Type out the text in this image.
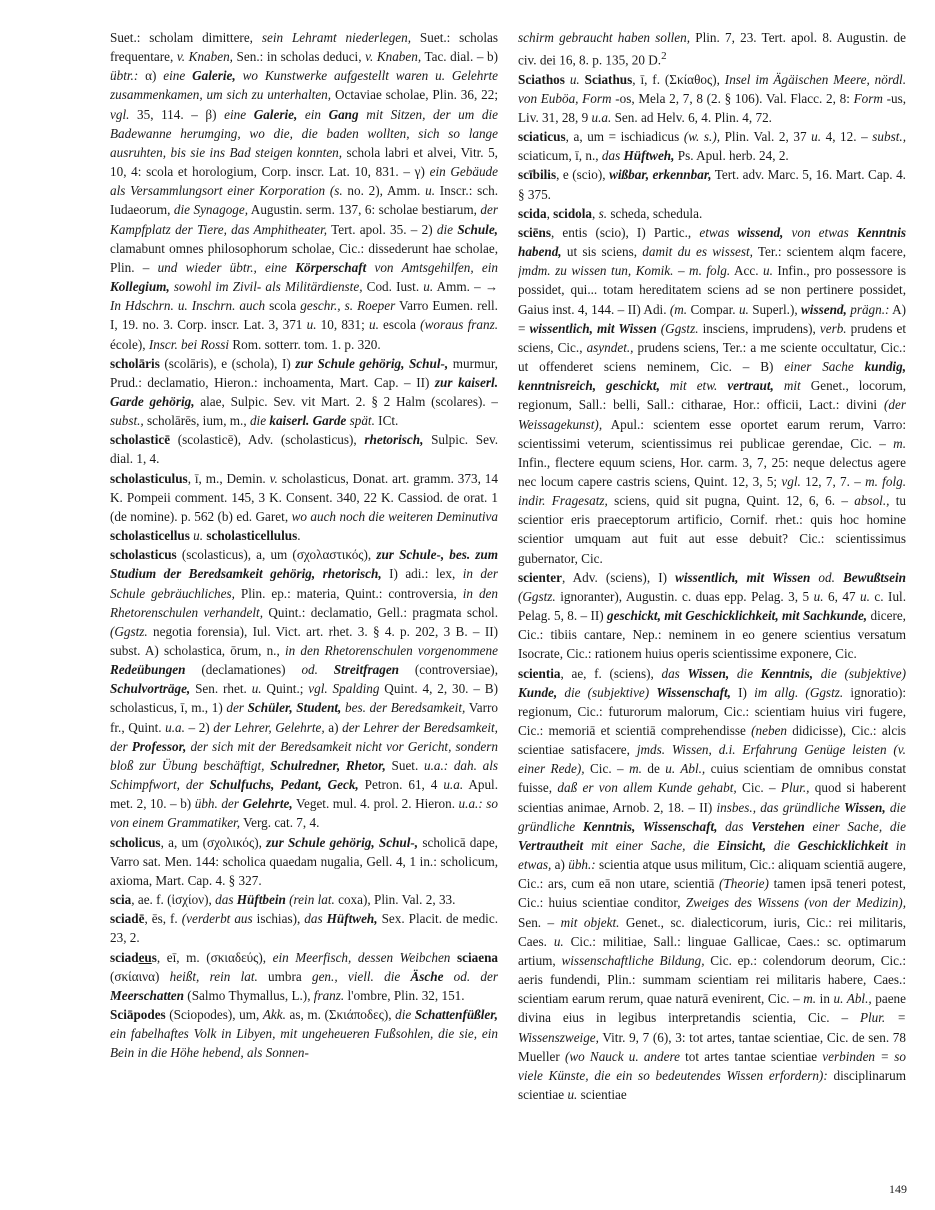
Suet.: scholam dimittere, sein Lehramt niederlegen, Suet.: scholas frequentare, v. Knaben, Sen.: in scholas deduci, v. Knaben, Tac. dial. – b) übtr.: α) eine Galerie, wo Kunstwerke aufgestellt waren u. Gelehrte zusammenkamen, um sich zu unterhalten, Octaviae scholae, Plin. 36, 22; vgl. 35, 114. – β) eine Galerie, ein Gang mit Sitzen, der um die Badewanne herumging, wo die, die baden wollten, sich so lange ausruhten, bis sie ins Bad steigen konnten, schola labri et alvei, Vitr. 5, 10, 4: scola et horologium, Corp. inscr. Lat. 10, 831. – γ) ein Gebäude als Versammlungsort einer Korporation (s. no. 2), Amm. u. Inscr.: sch. Iudaeorum, die Synagoge, Augustin. serm. 137, 6: scholae bestiarum, der Kampfplatz der Tiere, das Amphitheater, Tert. apol. 35. – 2) die Schule, clamabunt omnes philosophorum scholae, Cic.: dissederunt hae scholae, Plin. – und wieder übtr., eine Körperschaft von Amtsgehilfen, ein Kollegium, sowohl im Zivil- als Militärdienste, Cod. Iust. u. Amm. – → In Hdschrn. u. Inschrn. auch scola geschr., s. Roeper Varro Eumen. rell. I, 19. no. 3. Corp. inscr. Lat. 3, 371 u. 10, 831; u. escola (woraus franz. école), Inscr. bei Rossi Rom. sotterr. tom. 1. p. 320.

scholāris (scolāris), e (schola), I) zur Schule gehörig, Schul-, murmur, Prud.: declamatio, Hieron.: inchoamenta, Mart. Cap. – II) zur kaiserl. Garde gehörig, alae, Sulpic. Sev. vit Mart. 2. § 2 Halm (scolares). – subst., scholārēs, ium, m., die kaiserl. Garde spät. ICt.

scholasticē (scolasticē), Adv. (scholasticus), rhetorisch, Sulpic. Sev. dial. 1, 4.

scholasticulus, ī, m., Demin. v. scholasticus, Donat. art. gramm. 373, 14 K. Pompeii comment. 145, 3 K. Consent. 340, 22 K. Cassiod. de orat. 1 (de nomine). p. 562 (b) ed. Garet, wo auch noch die weiteren Deminutiva scholasticellus u. scholasticellulus.

scholasticus (scolasticus), a, um (σχολαστικός), zur Schule-, bes. zum Studium der Beredsamkeit gehörig, rhetorisch, I) adi.: lex, in der Schule gebräuchliches, Plin. ep.: materia, Quint.: controversia, in den Rhetorenschulen verhandelt, Quint.: declamatio, Gell.: pragmata schol. (Ggstz. negotia forensia), Iul. Vict. art. rhet. 3. § 4. p. 202, 3 B. – II) subst. A) scholastica, ōrum, n., in den Rhetorenschulen vorgenommene Redeübungen (declamationes) od. Streitfragen (controversiae), Schulvorträge, Sen. rhet. u. Quint.; vgl. Spalding Quint. 4, 2, 30. – B) scholasticus, ī, m., 1) der Schüler, Student, bes. der Beredsamkeit, Varro fr., Quint. u.a. – 2) der Lehrer, Gelehrte, a) der Lehrer der Beredsamkeit, der Professor, der sich mit der Beredsamkeit nicht vor Gericht, sondern bloß zur Übung beschäftigt, Schulredner, Rhetor, Suet. u.a.: dah. als Schimpfwort, der Schulfuchs, Pedant, Geck, Petron. 61, 4 u.a. Apul. met. 2, 10. – b) übh. der Gelehrte, Veget. mul. 4. prol. 2. Hieron. u.a.: so von einem Grammatiker, Verg. cat. 7, 4.

scholicus, a, um (σχολικός), zur Schule gehörig, Schul-, scholicā dape, Varro sat. Men. 144: scholica quaedam nugalia, Gell. 4, 1 in.: scholicum, axioma, Mart. Cap. 4. § 327.

scia, ae. f. (ἰσχίον), das Hüftbein (rein lat. coxa), Plin. Val. 2, 33.

sciadē, ēs, f. (verderbt aus ischias), das Hüftweh, Sex. Placit. de medic. 23, 2.

sciadeus, eī, m. (σκιαδεύς), ein Meerfisch, dessen Weibchen sciaena (σκίαινα) heißt, rein lat. umbra gen., viell. die Äsche od. der Meerschatten (Salmo Thymallus, L.), franz. l'ombre, Plin. 32, 151.

Sciāpodes (Sciopodes), um, Akk. as, m. (Σκιάποδες), die Schattenfüßler, ein fabelhaftes Volk in Libyen, mit ungeheueren Fußsohlen, die sie, ein Bein in die Höhe hebend, als Sonnen-

schirm gebraucht haben sollen, Plin. 7, 23. Tert. apol. 8. Augustin. de civ. dei 16, 8. p. 135, 20 D.$^2$

Sciathos u. Sciathus, ī, f. (Σκίαθος), Insel im Ägäischen Meere, nördl. von Euböa, Form -os, Mela 2, 7, 8 (2. § 106). Val. Flacc. 2, 8: Form -us, Liv. 31, 28, 9 u.a. Sen. ad Helv. 6, 4. Plin. 4, 72.

sciaticus, a, um = ischiadicus (w. s.), Plin. Val. 2, 37 u. 4, 12. – subst., sciaticum, ī, n., das Hüftweh, Ps. Apul. herb. 24, 2.

scībilis, e (scio), wißbar, erkennbar, Tert. adv. Marc. 5, 16. Mart. Cap. 4. § 375.

scida, scidola, s. scheda, schedula.

sciēns, entis (scio), I) Partic., etwas wissend, von etwas Kenntnis habend, ut sis sciens, damit du es wissest, Ter.: scientem alqm facere, jmdm. zu wissen tun, Komik. – m. folg. Acc. u. Infin., pro possessore is possidet, qui... totam hereditatem sciens ad se non pertinere possidet, Gaius inst. 4, 144. – II) Adi. (m. Compar. u. Superl.), wissend, prägn.: A) = wissentlich, mit Wissen (Ggstz. insciens, imprudens), verb. prudens et sciens, Cic., asyndet., prudens sciens, Ter.: a me sciente occultatur, Cic.: ut offenderet sciens neminem, Cic. – B) einer Sache kundig, kenntnisreich, geschickt, mit etw. vertraut, mit Genet., locorum, regionum, Sall.: belli, Sall.: citharae, Hor.: officii, Lact.: divini (der Weissagekunst), Apul.: scientem esse oportet earum rerum, Varro: scientissimi veterum, scientissimus rei publicae gerendae, Cic. – m. Infin., flectere equum sciens, Hor. carm. 3, 7, 25: neque delectus agere nec locum capere castris sciens, Quint. 12, 3, 5; vgl. 12, 7, 7. – m. folg. indir. Fragesatz, sciens, quid sit pugna, Quint. 12, 6, 6. – absol., tu scientior eris praeceptorum artificio, Cornif. rhet.: quis hoc homine scientior umquam aut fuit aut esse debuit? Cic.: scientissimus gubernator, Cic.

scienter, Adv. (sciens), I) wissentlich, mit Wissen od. Bewußtsein (Ggstz. ignoranter), Augustin. c. duas epp. Pelag. 3, 5 u. 6, 47 u. c. Iul. Pelag. 5, 8. – II) geschickt, mit Geschicklichkeit, mit Sachkunde, dicere, Cic.: tibiis cantare, Nep.: neminem in eo genere scientius versatum Isocrate, Cic.: rationem huius operis scientissime exponere, Cic.

scientia, ae, f. (sciens), das Wissen, die Kenntnis, die (subjektive) Kunde, die (subjektive) Wissenschaft, I) im allg. (Ggstz. ignoratio): regionum, Cic.: futurorum malorum, Cic.: scientiam huius viri fugere, Cic.: memoriā et scientiā comprehendisse (neben didicisse), Cic.: alcis scientiae satisfacere, jmds. Wissen, d.i. Erfahrung Genüge leisten (v. einer Rede), Cic. – m. de u. Abl., cuius scientiam de omnibus constat fuisse, daß er von allem Kunde gehabt, Cic. – Plur., quod si haberent scientias animae, Arnob. 2, 18. – II) insbes., das gründliche Wissen, die gründliche Kenntnis, Wissenschaft, das Verstehen einer Sache, die Vertrautheit mit einer Sache, die Einsicht, die Geschicklichkeit in etwas, a) übh.: scientia atque usus militum, Cic.: aliquam scientiā augere, Cic.: ars, cum eā non utare, scientiā (Theorie) tamen ipsā teneri potest, Cic.: huius scientiae conditor, Zweiges des Wissens (von der Medizin), Sen. – mit objekt. Genet., sc. dialecticorum, iuris, Cic.: rei militaris, Caes. u. Cic.: militiae, Sall.: linguae Gallicae, Caes.: sc. optimarum artium, wissenschaftliche Bildung, Cic. ep.: colendorum deorum, Cic.: aeris fundendi, Plin.: summam scientiam rei militaris habere, Caes.: scientiam earum rerum, quae naturā evenirent, Cic. – m. in u. Abl., paene divina eius in legibus interpretandis scientia, Cic. – Plur. = Wissenszweige, Vitr. 9, 7 (6), 3: tot artes, tantae scientiae, Cic. de sen. 78 Mueller (wo Nauck u. andere tot artes tantae scientiae verbinden = so viele Künste, die ein so bedeutendes Wissen erfordern): disciplinarum scientiae u. scientiae

149
